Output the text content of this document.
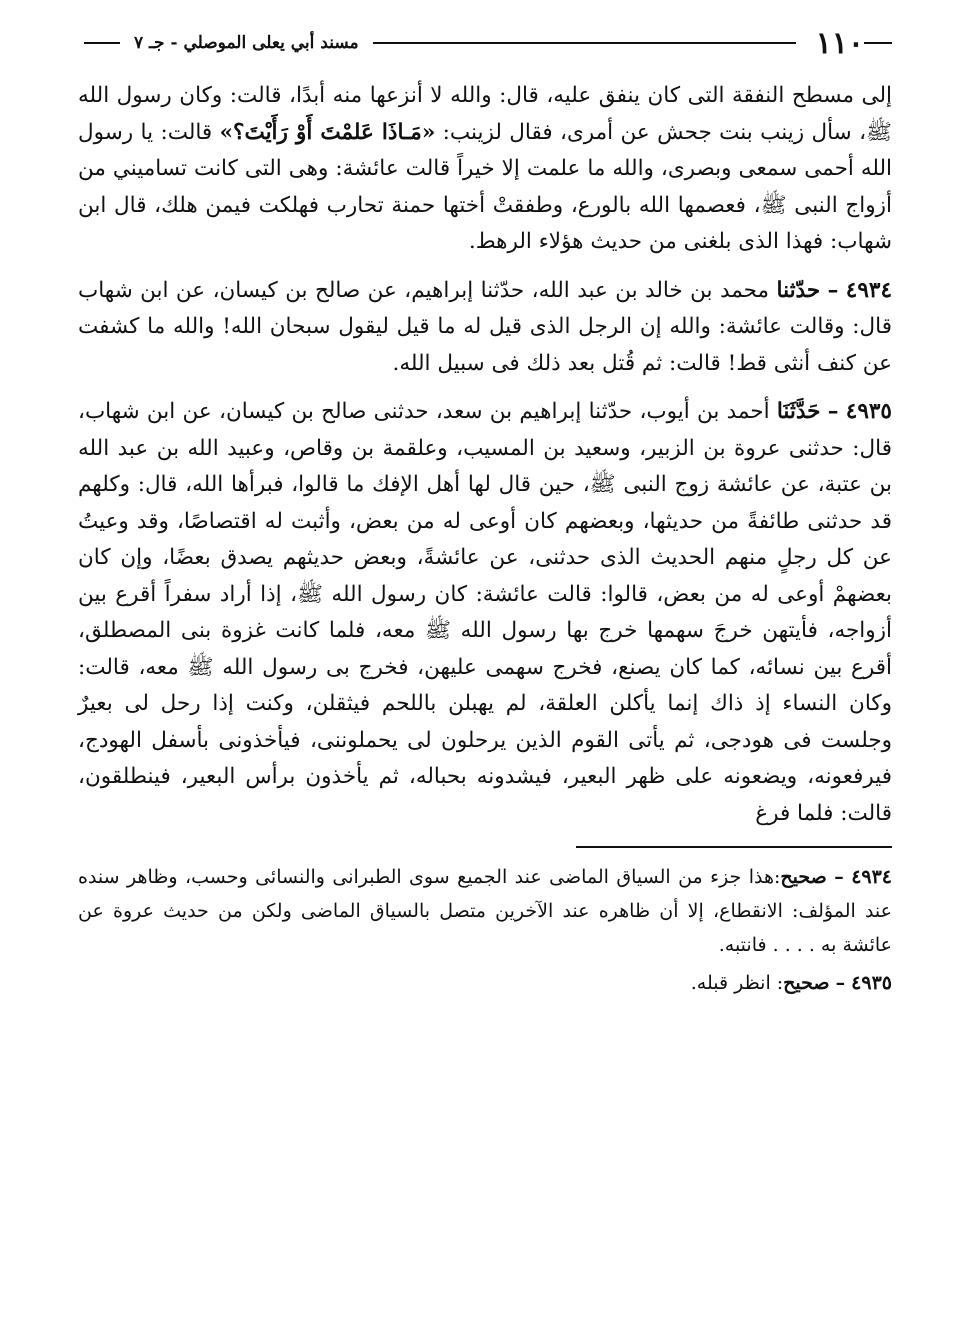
١١٠
مسند أبي يعلى الموصلي - جـ ٧

إلى مسطح النفقة التى كان ينفق عليه، قال: والله لا أنزعها منه أبدًا، قالت: وكان رسول الله ﷺ، سأل زينب بنت جحش عن أمرى، فقال لزينب: «مَـاذَا عَلمْتَ أَوْ رَأَيْتَ؟» قالت: يا رسول الله أحمى سمعى وبصرى، والله ما علمت إلا خيراً قالت عائشة: وهى التى كانت تساميني من أزواج النبى ﷺ، فعصمها الله بالورع، وطفقتْ أختها حمنة تحارب فهلكت فيمن هلك، قال ابن شهاب: فهذا الذى بلغنى من حديث هؤلاء الرهط.

٤٩٣٤ – حدّثنا محمد بن خالد بن عبد الله، حدّثنا إبراهيم، عن صالح بن كيسان، عن ابن شهاب قال: وقالت عائشة: والله إن الرجل الذى قيل له ما قيل ليقول سبحان الله! والله ما كشفت عن كنف أنثى قط! قالت: ثم قُتل بعد ذلك فى سبيل الله.

٤٩٣٥ – حَدَّثَنَا أحمد بن أيوب، حدّثنا إبراهيم بن سعد، حدثنى صالح بن كيسان، عن ابن شهاب، قال: حدثنى عروة بن الزبير، وسعيد بن المسيب، وعلقمة بن وقاص، وعبيد الله بن عبد الله بن عتبة، عن عائشة زوج النبى ﷺ، حين قال لها أهل الإفك ما قالوا، فبرأها الله، قال: وكلهم قد حدثنى طائفةً من حديثها، وبعضهم كان أوعى له من بعض، وأثبت له اقتصاصًا، وقد وعيتُ عن كل رجلٍ منهم الحديث الذى حدثنى، عن عائشةً، وبعض حديثهم يصدق بعضًا، وإن كان بعضهمْ أوعى له من بعض، قالوا: قالت عائشة: كان رسول الله ﷺ، إذا أراد سفراً أقرع بين أزواجه، فأيتهن خرجَ سهمها خرج بها رسول الله ﷺ معه، فلما كانت غزوة بنى المصطلق، أقرع بين نسائه، كما كان يصنع، فخرج سهمى عليهن، فخرج بى رسول الله ﷺ معه، قالت: وكان النساء إذ ذاك إنما يأكلن العلقة، لم يهبلن باللحم فيثقلن، وكنت إذا رحل لى بعيرٌ وجلست فى هودجى، ثم يأتى القوم الذين يرحلون لى يحملوننى، فيأخذونى بأسفل الهودج، فيرفعونه، ويضعونه على ظهر البعير، فيشدونه بحباله، ثم يأخذون برأس البعير، فينطلقون، قالت: فلما فرغ

٤٩٣٤ – صحيح:هذا جزء من السياق الماضى عند الجميع سوى الطبرانى والنسائى وحسب، وظاهر سنده عند المؤلف: الانقطاع، إلا أن ظاهره عند الآخرين متصل بالسياق الماضى ولكن من حديث عروة عن عائشة به . . . . فانتبه.

٤٩٣٥ – صحيح: انظر قبله.
